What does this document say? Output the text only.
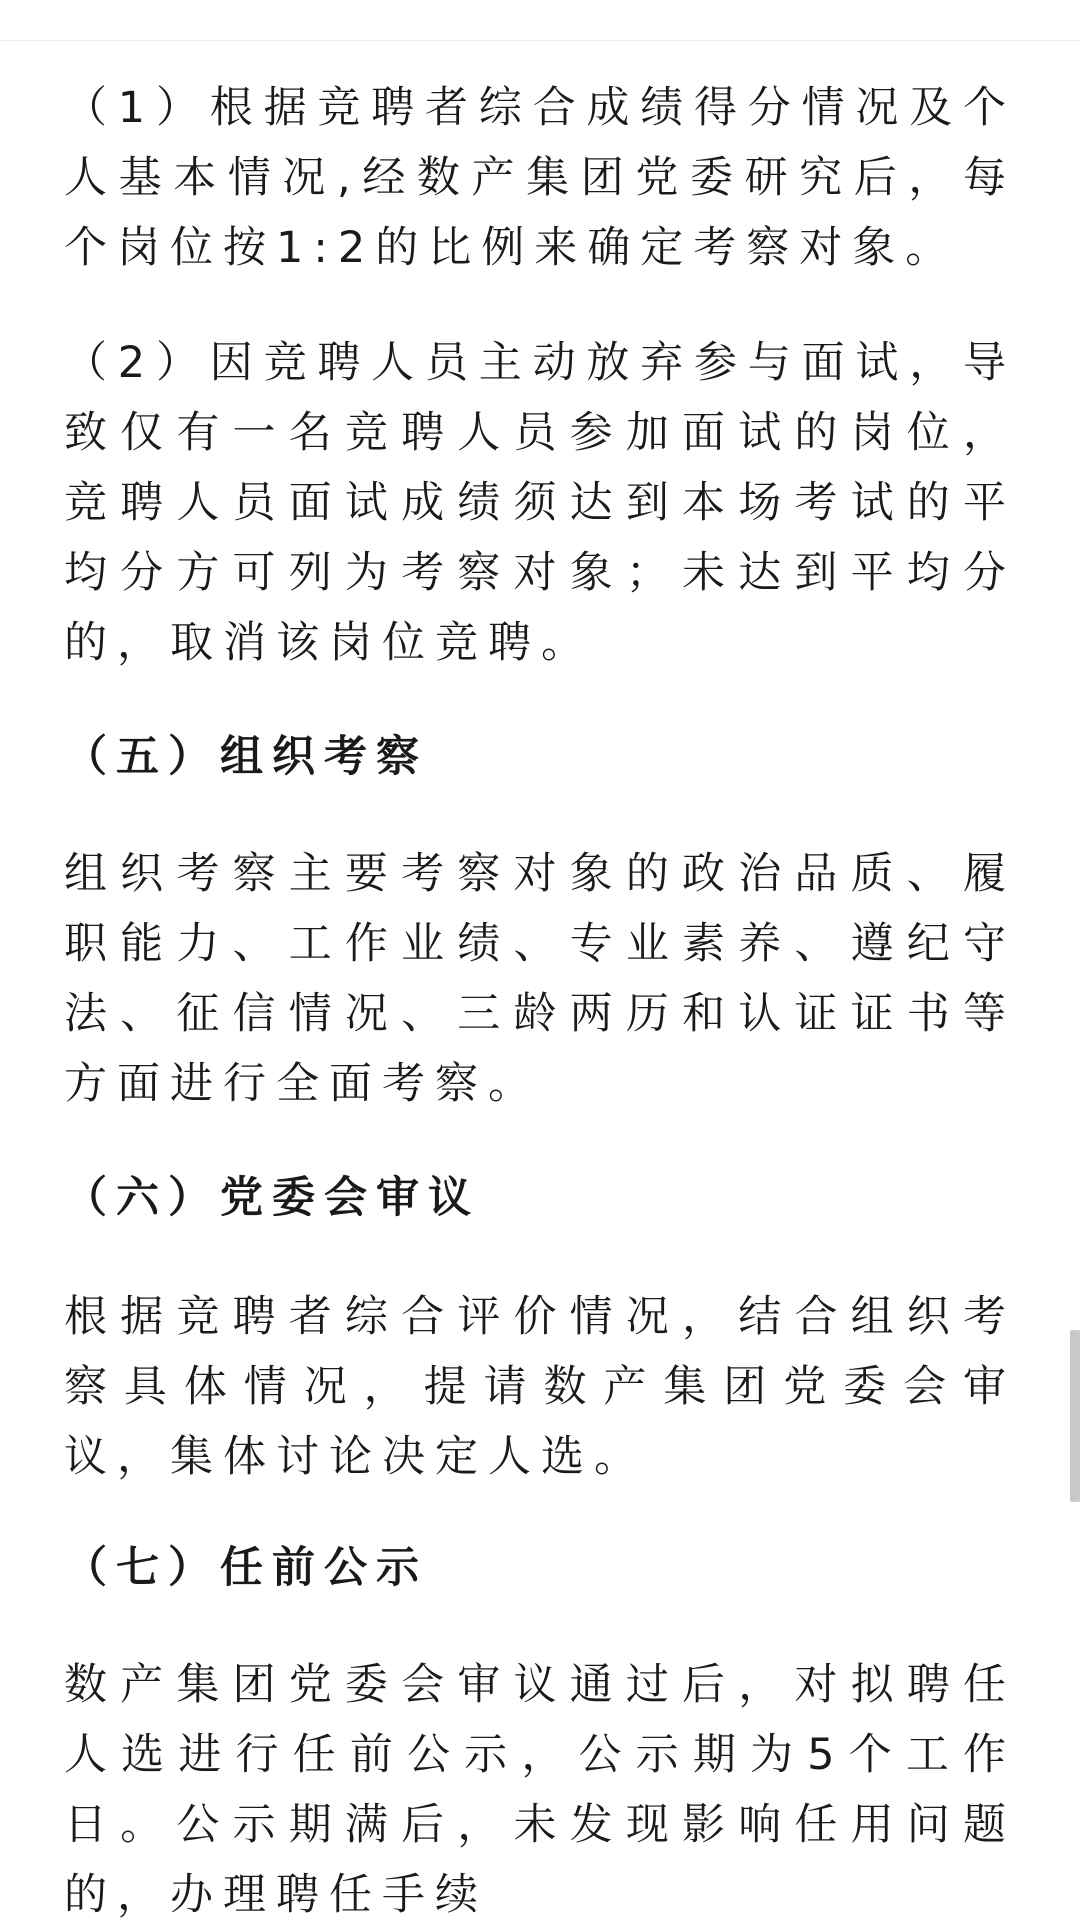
（1）根据竞聘者综合成绩得分情况及个人基本情况,经数产集团党委研究后，每个岗位按1:2的比例来确定考察对象。

（2）因竞聘人员主动放弃参与面试，导致仅有一名竞聘人员参加面试的岗位，竞聘人员面试成绩须达到本场考试的平均分方可列为考察对象；未达到平均分的，取消该岗位竞聘。

（五）组织考察

组织考察主要考察对象的政治品质、履职能力、工作业绩、专业素养、遵纪守法、征信情况、三龄两历和认证证书等方面进行全面考察。

（六）党委会审议

根据竞聘者综合评价情况，结合组织考察具体情况，提请数产集团党委会审议，集体讨论决定人选。

（七）任前公示

数产集团党委会审议通过后，对拟聘任人选进行任前公示，公示期为5个工作日。公示期满后，未发现影响任用问题的，办理聘任手续
